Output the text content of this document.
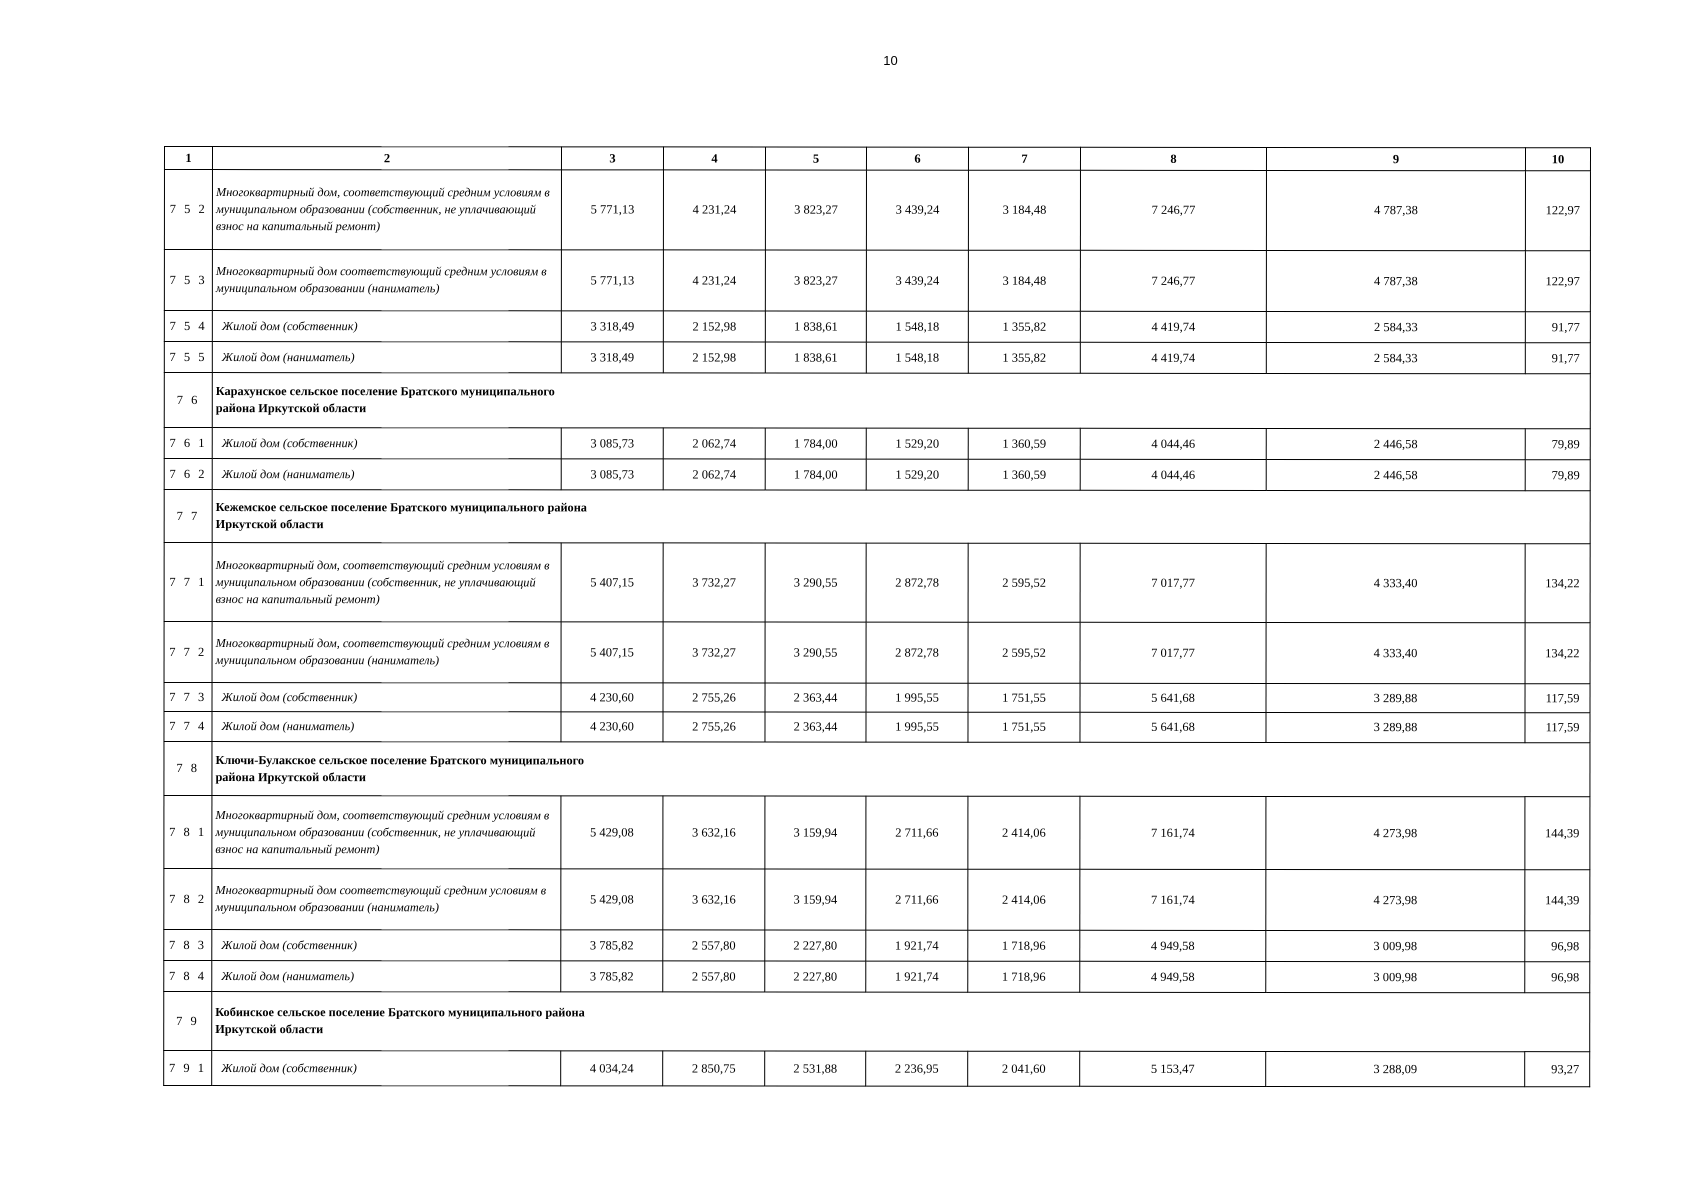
10
1	2	3	4	5	6	7	8	9	10
7 5 2	Многоквартирный дом, соответствующий средним условиям в муниципальном образовании (собственник, не уплачивающий взнос на капитальный ремонт)	5 771,13	4 231,24	3 823,27	3 439,24	3 184,48	7 246,77	4 787,38	122,97
7 5 3	Многоквартирный дом соответствующий средним условиям в муниципальном образовании (наниматель)	5 771,13	4 231,24	3 823,27	3 439,24	3 184,48	7 246,77	4 787,38	122,97
7 5 4	Жилой дом (собственник)	3 318,49	2 152,98	1 838,61	1 548,18	1 355,82	4 419,74	2 584,33	91,77
7 5 5	Жилой дом (наниматель)	3 318,49	2 152,98	1 838,61	1 548,18	1 355,82	4 419,74	2 584,33	91,77
7 6	Карахунское сельское поселение Братского муниципального района Иркутской области								
7 6 1	Жилой дом (собственник)	3 085,73	2 062,74	1 784,00	1 529,20	1 360,59	4 044,46	2 446,58	79,89
7 6 2	Жилой дом (наниматель)	3 085,73	2 062,74	1 784,00	1 529,20	1 360,59	4 044,46	2 446,58	79,89
7 7	Кежемское сельское поселение Братского муниципального района Иркутской области								
7 7 1	Многоквартирный дом, соответствующий средним условиям в муниципальном образовании (собственник, не уплачивающий взнос на капитальный ремонт)	5 407,15	3 732,27	3 290,55	2 872,78	2 595,52	7 017,77	4 333,40	134,22
7 7 2	Многоквартирный дом, соответствующий средним условиям в муниципальном образовании (наниматель)	5 407,15	3 732,27	3 290,55	2 872,78	2 595,52	7 017,77	4 333,40	134,22
7 7 3	Жилой дом (собственник)	4 230,60	2 755,26	2 363,44	1 995,55	1 751,55	5 641,68	3 289,88	117,59
7 7 4	Жилой дом (наниматель)	4 230,60	2 755,26	2 363,44	1 995,55	1 751,55	5 641,68	3 289,88	117,59
7 8	Ключи-Булакское сельское поселение Братского муниципального района Иркутской области								
7 8 1	Многоквартирный дом, соответствующий средним условиям в муниципальном образовании (собственник, не уплачивающий взнос на капитальный ремонт)	5 429,08	3 632,16	3 159,94	2 711,66	2 414,06	7 161,74	4 273,98	144,39
7 8 2	Многоквартирный дом соответствующий средним условиям в муниципальном образовании (наниматель)	5 429,08	3 632,16	3 159,94	2 711,66	2 414,06	7 161,74	4 273,98	144,39
7 8 3	Жилой дом (собственник)	3 785,82	2 557,80	2 227,80	1 921,74	1 718,96	4 949,58	3 009,98	96,98
7 8 4	Жилой дом (наниматель)	3 785,82	2 557,80	2 227,80	1 921,74	1 718,96	4 949,58	3 009,98	96,98
7 9	Кобинское сельское поселение Братского муниципального района Иркутской области								
7 9 1	Жилой дом (собственник)	4 034,24	2 850,75	2 531,88	2 236,95	2 041,60	5 153,47	3 288,09	93,27
